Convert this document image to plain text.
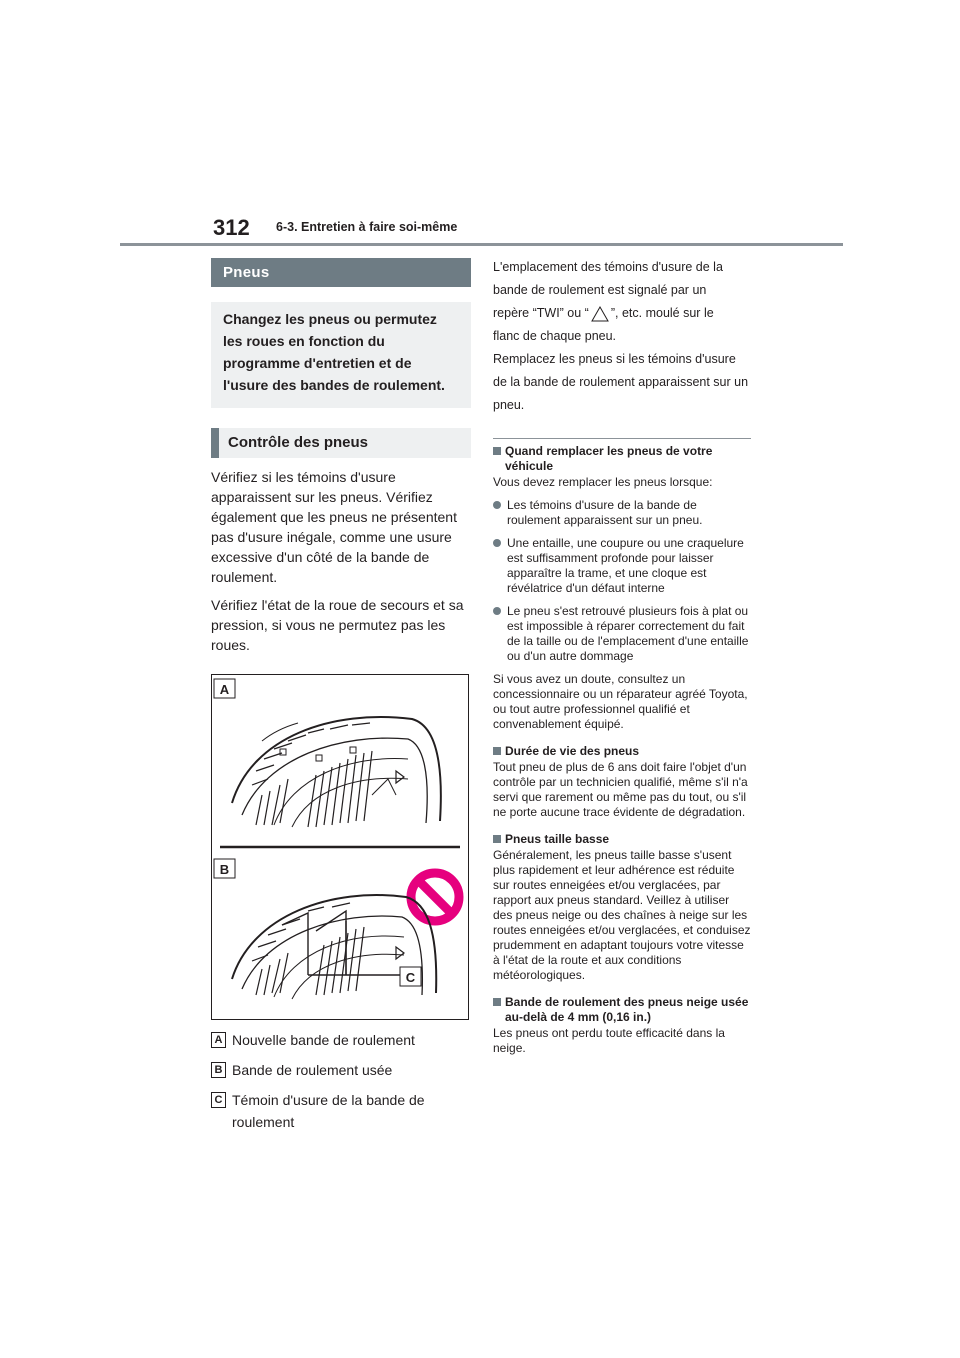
312 6-3. Entretien à faire soi-même
Pneus
Changez les pneus ou permutez les roues en fonction du programme d'entretien et de l'usure des bandes de roulement.
Contrôle des pneus

Vérifiez si les témoins d'usure apparaissent sur les pneus. Vérifiez également que les pneus ne présentent pas d'usure inégale, comme une usure excessive d'un côté de la bande de roulement.

Vérifiez l'état de la roue de secours et sa pression, si vous ne permutez pas les roues.

A
B
C
A Nouvelle bande de roulement
B Bande de roulement usée
C Témoin d'usure de la bande de roulement

L'emplacement des témoins d'usure de la bande de roulement est signalé par un

repère “TWI” ou “ ”, etc. moulé sur le

flanc de chaque pneu.

Remplacez les pneus si les témoins d'usure de la bande de roulement apparaissent sur un pneu.

Quand remplacer les pneus de votre véhicule

Vous devez remplacer les pneus lorsque:

Les témoins d'usure de la bande de roulement apparaissent sur un pneu.
Une entaille, une coupure ou une craquelure est suffisamment profonde pour laisser apparaître la trame, et une cloque est révélatrice d'un défaut interne
Le pneu s'est retrouvé plusieurs fois à plat ou est impossible à réparer correctement du fait de la taille ou de l'emplacement d'une entaille ou d'un autre dommage

Si vous avez un doute, consultez un concessionnaire ou un réparateur agréé Toyota, ou tout autre professionnel qualifié et convenablement équipé.

Durée de vie des pneus

Tout pneu de plus de 6 ans doit faire l'objet d'un contrôle par un technicien qualifié, même s'il n'a servi que rarement ou même pas du tout, ou s'il ne porte aucune trace évidente de dégradation.

Pneus taille basse

Généralement, les pneus taille basse s'usent plus rapidement et leur adhérence est réduite sur routes enneigées et/ou verglacées, par rapport aux pneus standard. Veillez à utiliser des pneus neige ou des chaînes à neige sur les routes enneigées et/ou verglacées, et conduisez prudemment en adaptant toujours votre vitesse à l'état de la route et aux conditions météorologiques.

Bande de roulement des pneus neige usée au-delà de 4 mm (0,16 in.)

Les pneus ont perdu toute efficacité dans la neige.
